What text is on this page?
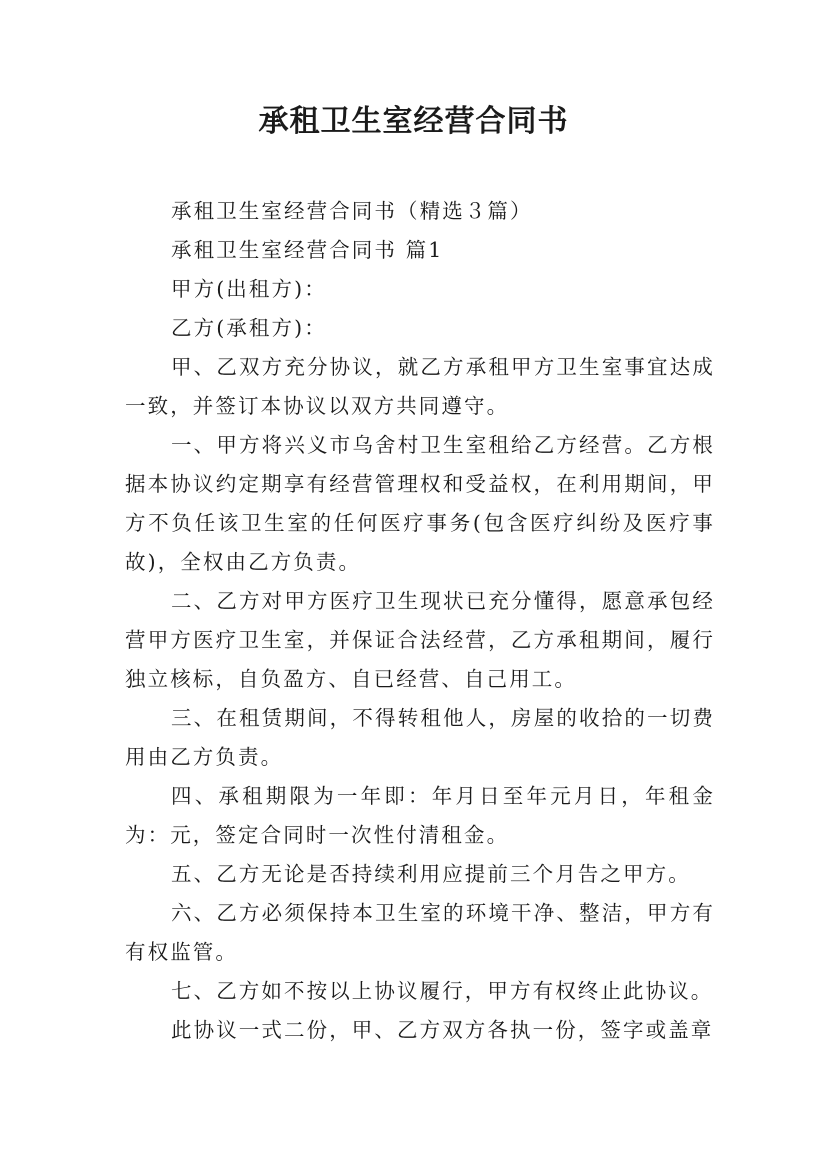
承租卫生室经营合同书

承租卫生室经营合同书（精选３篇）

承租卫生室经营合同书 篇1

甲方(出租方)：

乙方(承租方)：

甲、乙双方充分协议，就乙方承租甲方卫生室事宜达成一致，并签订本协议以双方共同遵守。

一、甲方将兴义市乌舍村卫生室租给乙方经营。乙方根据本协议约定期享有经营管理权和受益权，在利用期间，甲方不负任该卫生室的任何医疗事务(包含医疗纠纷及医疗事故)，全权由乙方负责。

二、乙方对甲方医疗卫生现状已充分懂得，愿意承包经营甲方医疗卫生室，并保证合法经营，乙方承租期间，履行独立核标，自负盈方、自已经营、自己用工。

三、在租赁期间，不得转租他人，房屋的收拾的一切费用由乙方负责。

四、承租期限为一年即：年月日至年元月日，年租金为：元，签定合同时一次性付清租金。

五、乙方无论是否持续利用应提前三个月告之甲方。

六、乙方必须保持本卫生室的环境干净、整洁，甲方有有权监管。

七、乙方如不按以上协议履行，甲方有权终止此协议。

此协议一式二份，甲、乙方双方各执一份，签字或盖章
